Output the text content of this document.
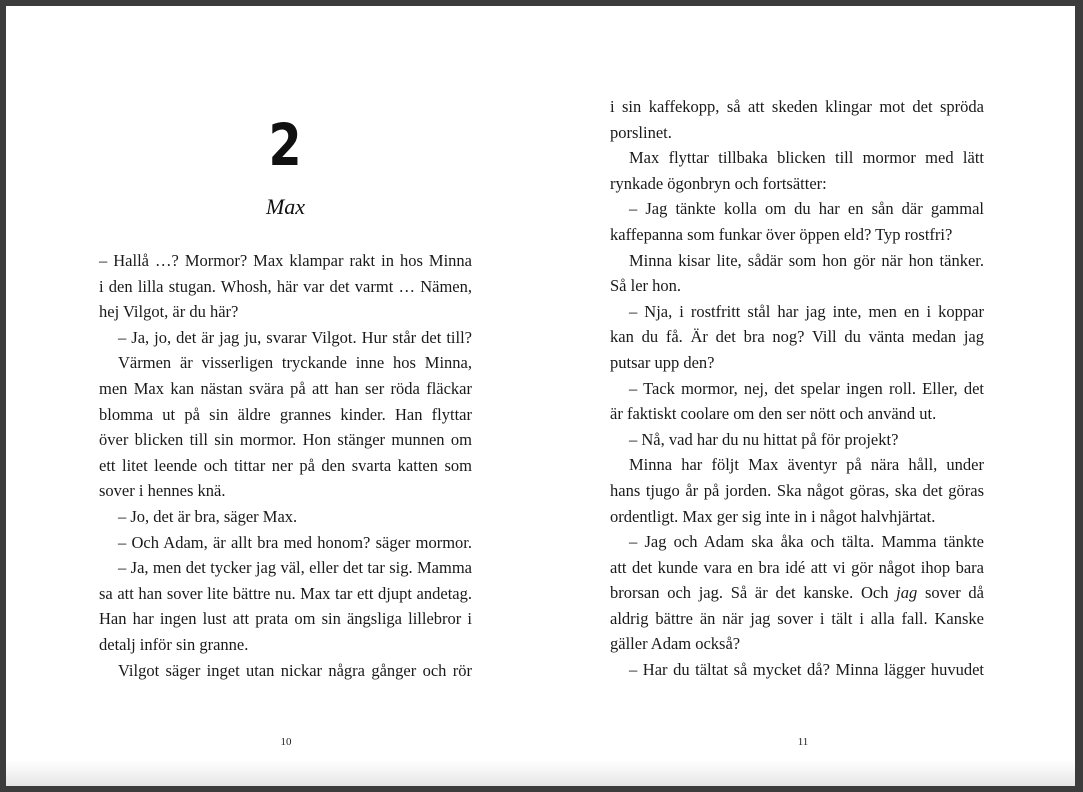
2
Max
– Hallå …? Mormor? Max klampar rakt in hos Minna
i den lilla stugan. Whosh, här var det varmt … Nämen,
hej Vilgot, är du här?
– Ja, jo, det är jag ju, svarar Vilgot. Hur står det till?
Värmen är visserligen tryckande inne hos Minna,
men Max kan nästan svära på att han ser röda fläckar
blomma ut på sin äldre grannes kinder. Han flyttar
över blicken till sin mormor. Hon stänger munnen om
ett litet leende och tittar ner på den svarta katten som
sover i hennes knä.
– Jo, det är bra, säger Max.
– Och Adam, är allt bra med honom? säger mormor.
– Ja, men det tycker jag väl, eller det tar sig. Mamma
sa att han sover lite bättre nu. Max tar ett djupt andetag.
Han har ingen lust att prata om sin ängsliga lillebror i
detalj inför sin granne.
Vilgot säger inget utan nickar några gånger och rör
10
i sin kaffekopp, så att skeden klingar mot det spröda
porslinet.
Max flyttar tillbaka blicken till mormor med lätt
rynkade ögonbryn och fortsätter:
– Jag tänkte kolla om du har en sån där gammal
kaffepanna som funkar över öppen eld? Typ rostfri?
Minna kisar lite, sådär som hon gör när hon tänker.
Så ler hon.
– Nja, i rostfritt stål har jag inte, men en i koppar
kan du få. Är det bra nog? Vill du vänta medan jag
putsar upp den?
– Tack mormor, nej, det spelar ingen roll. Eller, det
är faktiskt coolare om den ser nött och använd ut.
– Nå, vad har du nu hittat på för projekt?
Minna har följt Max äventyr på nära håll, under
hans tjugo år på jorden. Ska något göras, ska det göras
ordentligt. Max ger sig inte in i något halvhjärtat.
– Jag och Adam ska åka och tälta. Mamma tänkte
att det kunde vara en bra idé att vi gör något ihop bara
brorsan och jag. Så är det kanske. Och jag sover då
aldrig bättre än när jag sover i tält i alla fall. Kanske
gäller Adam också?
– Har du tältat så mycket då? Minna lägger huvudet
11
